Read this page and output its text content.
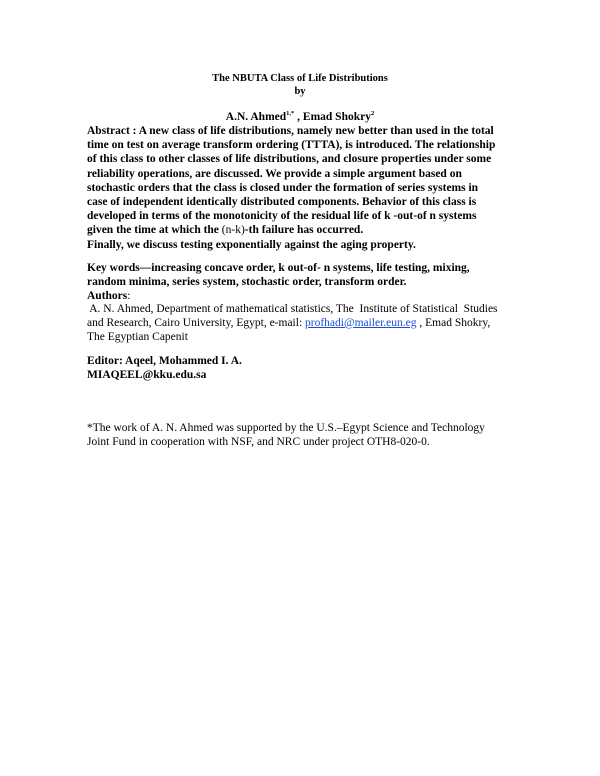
The NBUTA Class of Life Distributions
by
A.N. Ahmed$^{1,*}$ , Emad Shokry$^2$
Abstract : A new class of life distributions, namely new better than used in the total
time on test on average transform ordering (TTTA), is introduced. The relationship
of this class to other classes of life distributions, and closure properties under some
reliability operations, are discussed. We provide a simple argument based on
stochastic orders that the class is closed under the formation of series systems in
case of independent identically distributed components. Behavior of this class is
developed in terms of the monotonicity of the residual life of k -out-of n systems
given the time at which the (n-k)-th failure has occurred.
Finally, we discuss testing exponentially against the aging property.
Key words—increasing concave order, k out-of- n systems, life testing, mixing,
random minima, series system, stochastic order, transform order.
Authors:
A. N. Ahmed, Department of mathematical statistics, The  Institute of Statistical  Studies
and Research, Cairo University, Egypt, e-mail: profhadi@mailer.eun.eg , Emad Shokry,
The Egyptian Capenit
Editor: Aqeel, Mohammed I. A.
MIAQEEL@kku.edu.sa
*The work of A. N. Ahmed was supported by the U.S.–Egypt Science and Technology
Joint Fund in cooperation with NSF, and NRC under project OTH8-020-0.
